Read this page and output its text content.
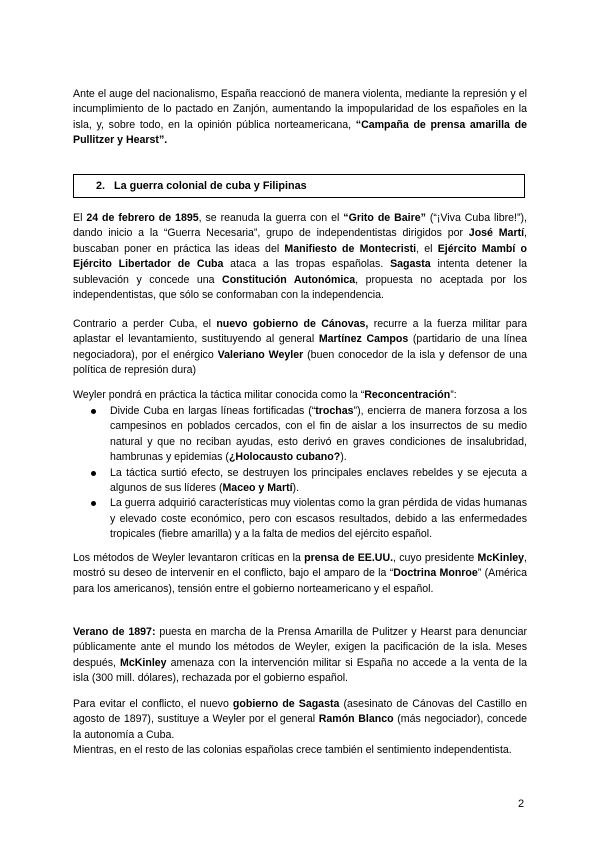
Ante el auge del nacionalismo, España reaccionó de manera violenta, mediante la represión y el incumplimiento de lo pactado en Zanjón, aumentando la impopularidad de los españoles en la isla, y, sobre todo, en la opinión pública norteamericana, “Campaña de prensa amarilla de Pullitzer y Hearst”.

2. La guerra colonial de cuba y Filipinas

El 24 de febrero de 1895, se reanuda la guerra con el “Grito de Baire” (“¡Viva Cuba libre!”), dando inicio a la “Guerra Necesaria”, grupo de independentistas dirigidos por José Martí, buscaban poner en práctica las ideas del Manifiesto de Montecristi, el Ejército Mambí o Ejército Libertador de Cuba ataca a las tropas españolas. Sagasta intenta detener la sublevación y concede una Constitución Autonómica, propuesta no aceptada por los independentistas, que sólo se conformaban con la independencia.

Contrario a perder Cuba, el nuevo gobierno de Cánovas, recurre a la fuerza militar para aplastar el levantamiento, sustituyendo al general Martínez Campos (partidario de una línea negociadora), por el enérgico Valeriano Weyler (buen conocedor de la isla y defensor de una política de represión dura)

Weyler pondrá en práctica la táctica militar conocida como la “Reconcentración”:

Divide Cuba en largas líneas fortificadas (“trochas”), encierra de manera forzosa a los campesinos en poblados cercados, con el fin de aislar a los insurrectos de su medio natural y que no reciban ayudas, esto derivó en graves condiciones de insalubridad, hambrunas y epidemias (¿Holocausto cubano?).
La táctica surtió efecto, se destruyen los principales enclaves rebeldes y se ejecuta a algunos de sus líderes (Maceo y Martí).
La guerra adquirió características muy violentas como la gran pérdida de vidas humanas y elevado coste económico, pero con escasos resultados, debido a las enfermedades tropicales (fiebre amarilla) y a la falta de medios del ejército español.

Los métodos de Weyler levantaron críticas en la prensa de EE.UU., cuyo presidente McKinley, mostró su deseo de intervenir en el conflicto, bajo el amparo de la “Doctrina Monroe” (América para los americanos), tensión entre el gobierno norteamericano y el español.

Verano de 1897: puesta en marcha de la Prensa Amarilla de Pulitzer y Hearst para denunciar públicamente ante el mundo los métodos de Weyler, exigen la pacificación de la isla. Meses después, McKinley amenaza con la intervención militar si España no accede a la venta de la isla (300 mill. dólares), rechazada por el gobierno español.

Para evitar el conflicto, el nuevo gobierno de Sagasta (asesinato de Cánovas del Castillo en agosto de 1897), sustituye a Weyler por el general Ramón Blanco (más negociador), concede la autonomía a Cuba.

Mientras, en el resto de las colonias españolas crece también el sentimiento independentista.

2
